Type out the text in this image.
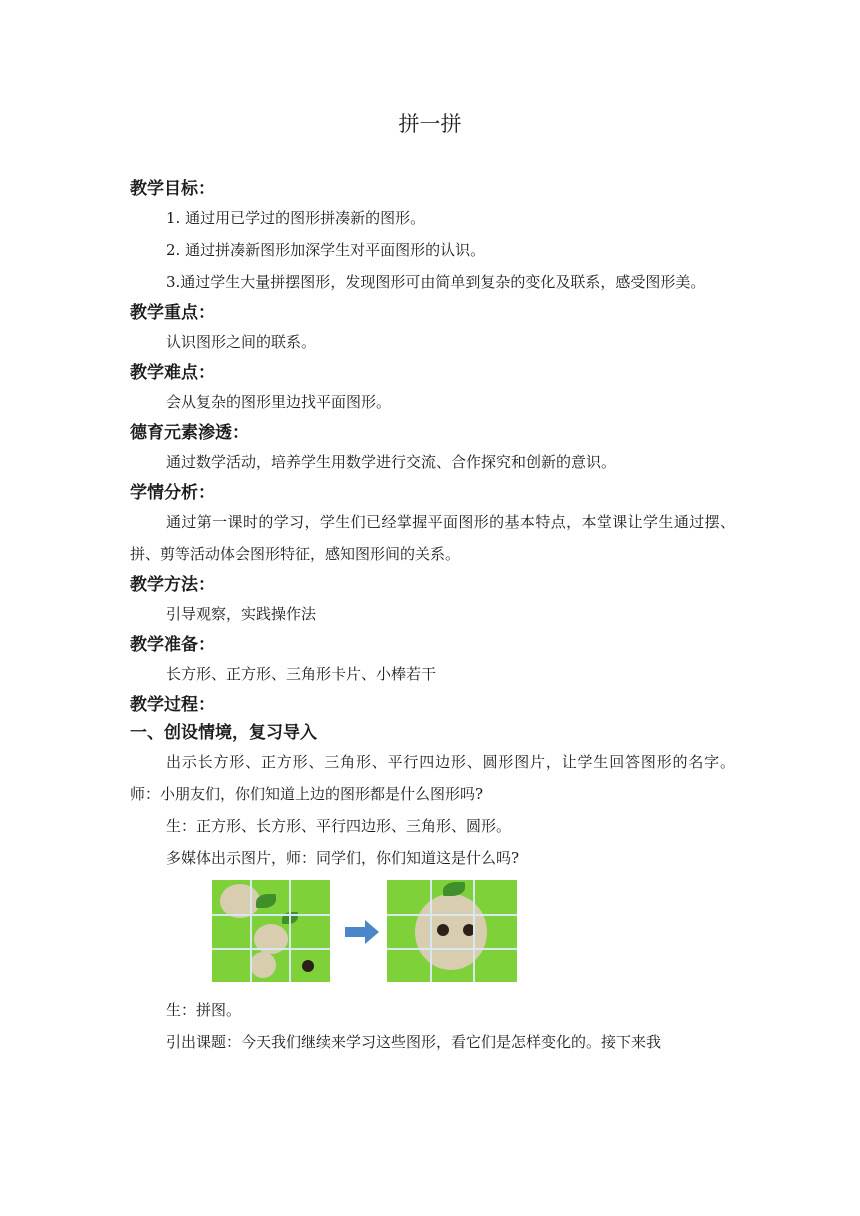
拼一拼

教学目标：

1. 通过用已学过的图形拼凑新的图形。

2. 通过拼凑新图形加深学生对平面图形的认识。

3.通过学生大量拼摆图形，发现图形可由简单到复杂的变化及联系，感受图形美。

教学重点：

认识图形之间的联系。

教学难点：

会从复杂的图形里边找平面图形。

德育元素渗透：

通过数学活动，培养学生用数学进行交流、合作探究和创新的意识。

学情分析：

通过第一课时的学习，学生们已经掌握平面图形的基本特点，本堂课让学生通过摆、拼、剪等活动体会图形特征，感知图形间的关系。

教学方法：

引导观察，实践操作法

教学准备：

长方形、正方形、三角形卡片、小棒若干

教学过程：

一、创设情境，复习导入

出示长方形、正方形、三角形、平行四边形、圆形图片，让学生回答图形的名字。师：小朋友们，你们知道上边的图形都是什么图形吗?

生：正方形、长方形、平行四边形、三角形、圆形。

多媒体出示图片，师：同学们，你们知道这是什么吗?

生：拼图。

引出课题：今天我们继续来学习这些图形，看它们是怎样变化的。接下来我
